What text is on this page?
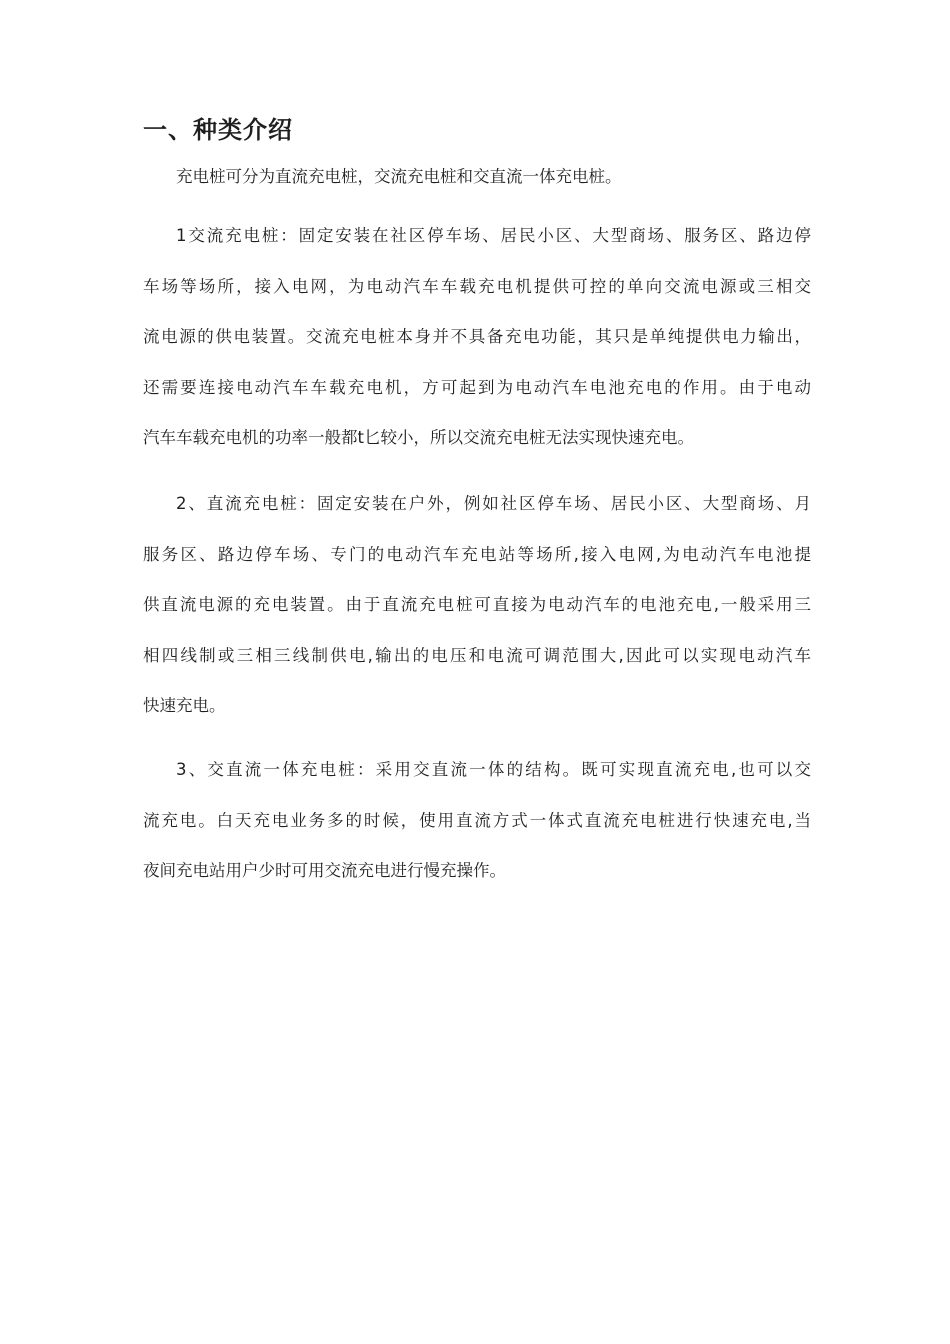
一、种类介绍
充电桩可分为直流充电桩，交流充电桩和交直流一体充电桩。
1交流充电桩：固定安装在社区停车场、居民小区、大型商场、服务区、路边停
车场等场所，接入电网，为电动汽车车载充电机提供可控的单向交流电源或三相交
流电源的供电装置。交流充电桩本身并不具备充电功能，其只是单纯提供电力输出，
还需要连接电动汽车车载充电机，方可起到为电动汽车电池充电的作用。由于电动
汽车车载充电机的功率一般都t匕较小，所以交流充电桩无法实现快速充电。
2、直流充电桩：固定安装在户外，例如社区停车场、居民小区、大型商场、月
服务区、路边停车场、专门的电动汽车充电站等场所,接入电网,为电动汽车电池提
供直流电源的充电装置。由于直流充电桩可直接为电动汽车的电池充电,一般采用三
相四线制或三相三线制供电,输出的电压和电流可调范围大,因此可以实现电动汽车
快速充电。
3、交直流一体充电桩：采用交直流一体的结构。既可实现直流充电,也可以交
流充电。白天充电业务多的时候，使用直流方式一体式直流充电桩进行快速充电,当
夜间充电站用户少时可用交流充电进行慢充操作。
